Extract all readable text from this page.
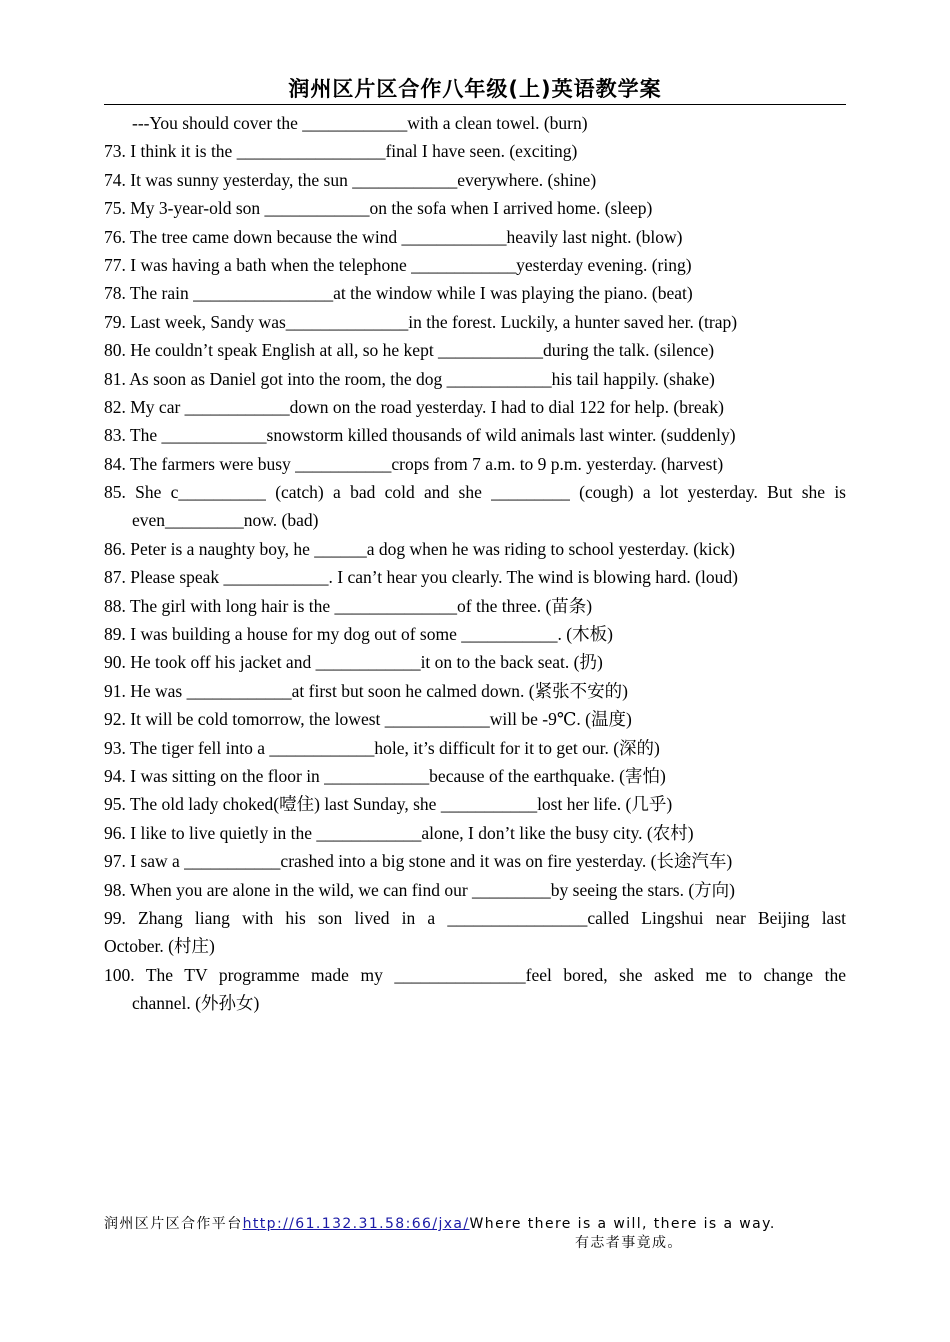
润州区片区合作八年级(上)英语教学案
---You should cover the ____________with a clean towel. (burn)
73. I think it is the _________________final I have seen. (exciting)
74. It was sunny yesterday, the sun ____________everywhere. (shine)
75. My 3-year-old son ____________on the sofa when I arrived home. (sleep)
76. The tree came down because the wind ____________heavily last night. (blow)
77. I was having a bath when the telephone ____________yesterday evening. (ring)
78. The rain ________________at the window while I was playing the piano. (beat)
79. Last week, Sandy was______________in the forest. Luckily, a hunter saved her. (trap)
80. He couldn’t speak English at all, so he kept ____________during the talk. (silence)
81. As soon as Daniel got into the room, the dog ____________his tail happily. (shake)
82. My car ____________down on the road yesterday. I had to dial 122 for help. (break)
83. The ____________snowstorm killed thousands of wild animals last winter. (suddenly)
84. The farmers were busy ___________crops from 7 a.m. to 9 p.m. yesterday. (harvest)
85. She c__________ (catch) a bad cold and she _________ (cough) a lot yesterday. But she is
even_________now. (bad)
86. Peter is a naughty boy, he ______a dog when he was riding to school yesterday. (kick)
87. Please speak ____________. I can’t hear you clearly. The wind is blowing hard. (loud)
88. The girl with long hair is the ______________of the three. (苗条)
89. I was building a house for my dog out of some ___________. (木板)
90. He took off his jacket and ____________it on to the back seat. (扔)
91. He was ____________at first but soon he calmed down. (紧张不安的)
92. It will be cold tomorrow, the lowest ____________will be -9℃. (温度)
93. The tiger fell into a ____________hole, it’s difficult for it to get our. (深的)
94. I was sitting on the floor in ____________because of the earthquake. (害怕)
95. The old lady choked(噎住) last Sunday, she ___________lost her life. (几乎)
96. I like to live quietly in the ____________alone, I don’t like the busy city. (农村)
97. I saw a ___________crashed into a big stone and it was on fire yesterday. (长途汽车)
98. When you are alone in the wild, we can find our _________by seeing the stars. (方向)
99. Zhang liang with his son lived in a ________________called Lingshui near Beijing last
October. (村庄)
100. The TV programme made my _______________feel bored, she asked me to change the
channel. (外孙女)
润州区片区合作平台http://61.132.31.58:66/jxa/Where there is a will, there is a way.
有志者事竟成。
